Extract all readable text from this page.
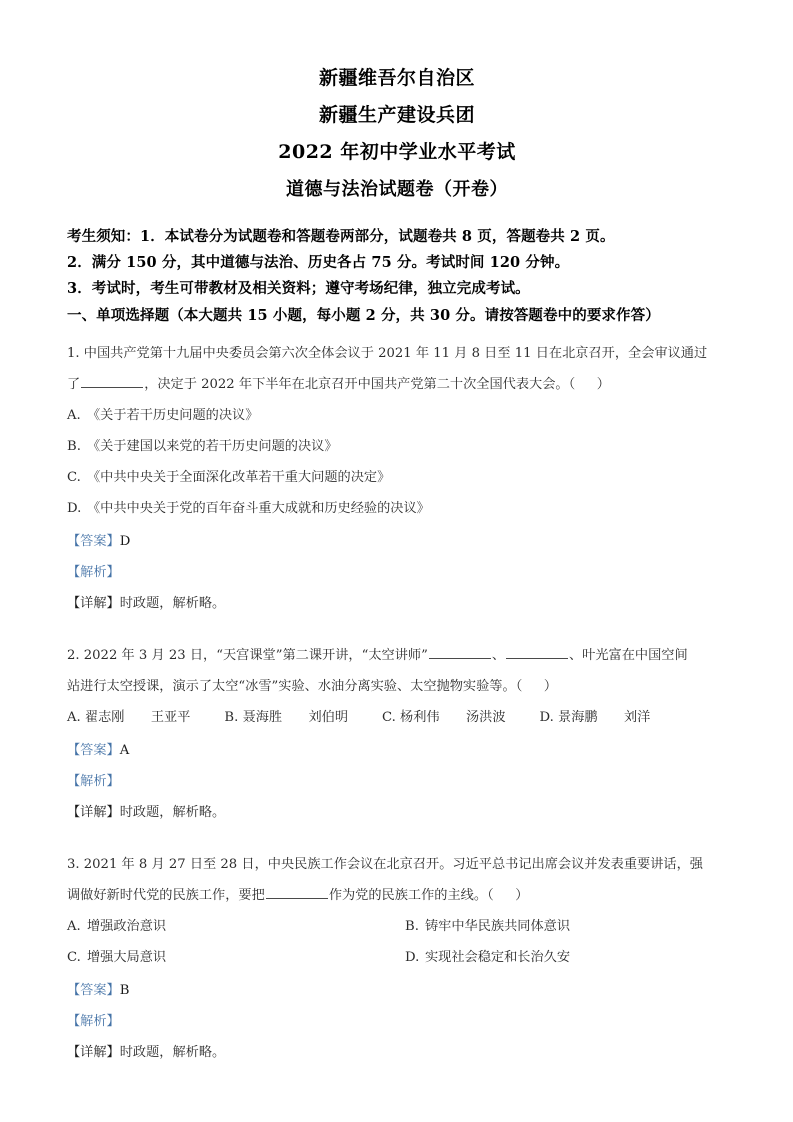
新疆维吾尔自治区
新疆生产建设兵团
2022 年初中学业水平考试
道德与法治试题卷（开卷）
考生须知：1．本试卷分为试题卷和答题卷两部分，试题卷共 8 页，答题卷共 2 页。
2．满分 150 分，其中道德与法治、历史各占 75 分。考试时间 120 分钟。
3．考试时，考生可带教材及相关资料；遵守考场纪律，独立完成考试。
一、单项选择题（本大题共 15 小题，每小题 2 分，共 30 分。请按答题卷中的要求作答）
1. 中国共产党第十九届中央委员会第六次全体会议于 2021 年 11 月 8 日至 11 日在北京召开，全会审议通过
了	，决定于 2022 年下半年在北京召开中国共产党第二十次全国代表大会。（ ）
A. 《关于若干历史问题的决议》
B. 《关于建国以来党的若干历史问题的决议》
C. 《中共中央关于全面深化改革若干重大问题的决定》
D. 《中共中央关于党的百年奋斗重大成就和历史经验的决议》
【答案】D
【解析】
【详解】时政题，解析略。
2. 2022 年 3 月 23 日，“天宫课堂”第二课开讲，“太空讲师”	、	、叶光富在中国空间
站进行太空授课，演示了太空“冰雪”实验、水油分离实验、太空抛物实验等。（ ）
A. 翟志刚　　王亚平	B. 聂海胜　　刘伯明	C. 杨利伟　　汤洪波	D. 景海鹏　　刘洋
【答案】A
【解析】
【详解】时政题，解析略。
3. 2021 年 8 月 27 日至 28 日，中央民族工作会议在北京召开。习近平总书记出席会议并发表重要讲话，强
调做好新时代党的民族工作，要把	作为党的民族工作的主线。（ ）
A. 增强政治意识	B. 铸牢中华民族共同体意识
C. 增强大局意识	D. 实现社会稳定和长治久安
【答案】B
【解析】
【详解】时政题，解析略。
